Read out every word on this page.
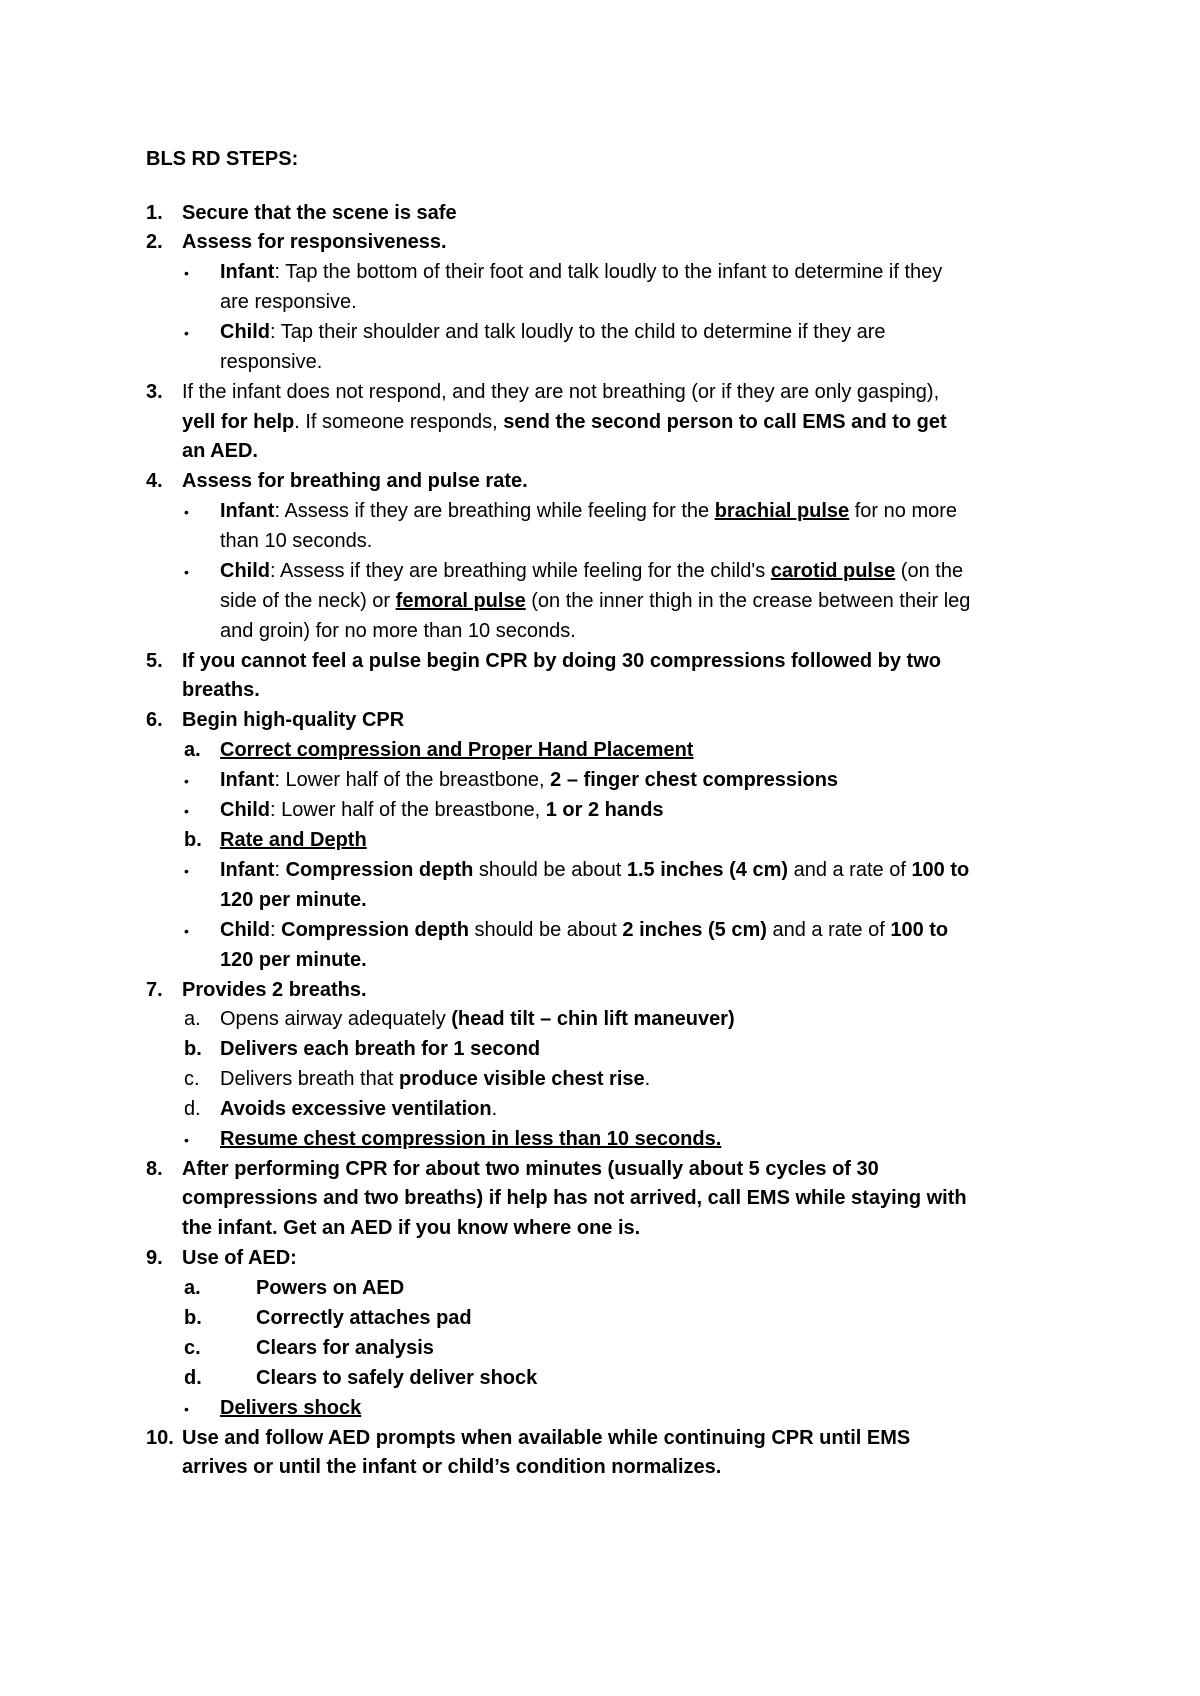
BLS RD STEPS:
1. Secure that the scene is safe
2. Assess for responsiveness.
• Infant: Tap the bottom of their foot and talk loudly to the infant to determine if they
are responsive.
• Child: Tap their shoulder and talk loudly to the child to determine if they are
responsive.
3. If the infant does not respond, and they are not breathing (or if they are only gasping),
yell for help. If someone responds, send the second person to call EMS and to get
an AED.
4. Assess for breathing and pulse rate.
• Infant: Assess if they are breathing while feeling for the brachial pulse for no more
than 10 seconds.
• Child: Assess if they are breathing while feeling for the child's carotid pulse (on the
side of the neck) or femoral pulse (on the inner thigh in the crease between their leg
and groin) for no more than 10 seconds.
5. If you cannot feel a pulse begin CPR by doing 30 compressions followed by two
breaths.
6. Begin high-quality CPR
a. Correct compression and Proper Hand Placement
• Infant: Lower half of the breastbone, 2 – finger chest compressions
• Child: Lower half of the breastbone, 1 or 2 hands
b. Rate and Depth
• Infant: Compression depth should be about 1.5 inches (4 cm) and a rate of 100 to
120 per minute.
• Child: Compression depth should be about 2 inches (5 cm) and a rate of 100 to
120 per minute.
7. Provides 2 breaths.
a. Opens airway adequately (head tilt – chin lift maneuver)
b. Delivers each breath for 1 second
c. Delivers breath that produce visible chest rise.
d. Avoids excessive ventilation.
• Resume chest compression in less than 10 seconds.
8. After performing CPR for about two minutes (usually about 5 cycles of 30
compressions and two breaths) if help has not arrived, call EMS while staying with
the infant. Get an AED if you know where one is.
9. Use of AED:
a.	Powers on AED
b.	Correctly attaches pad
c.	Clears for analysis
d.	Clears to safely deliver shock
• Delivers shock
10. Use and follow AED prompts when available while continuing CPR until EMS
arrives or until the infant or child’s condition normalizes.
